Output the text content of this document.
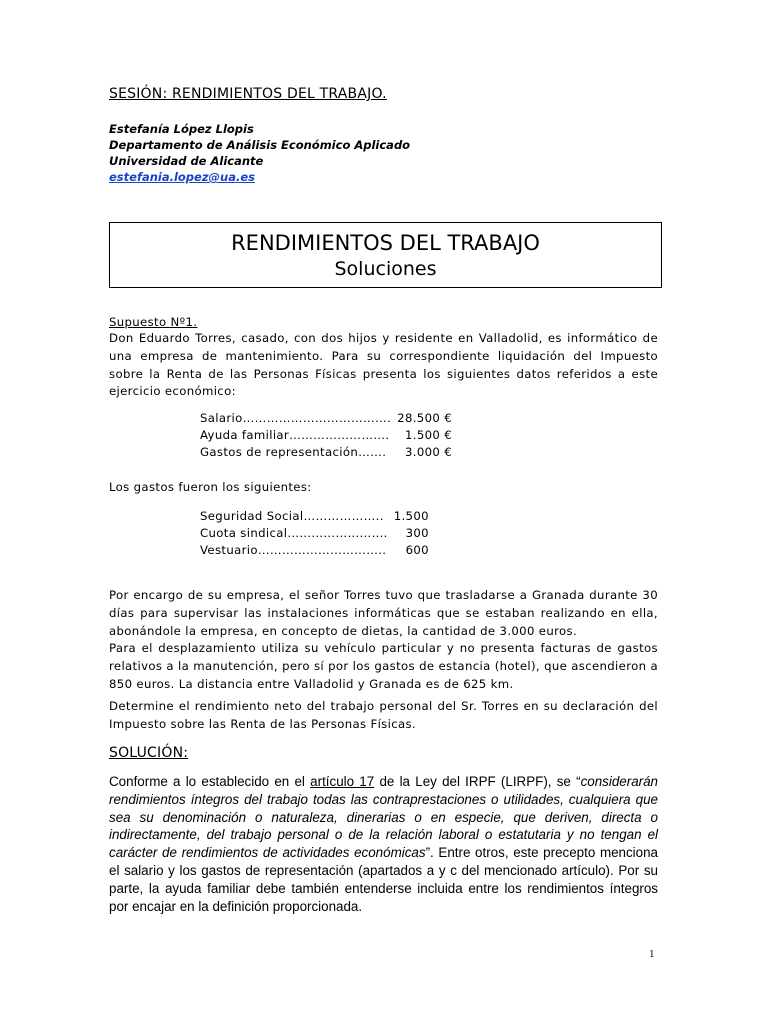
SESIÓN: RENDIMIENTOS DEL TRABAJO.
Estefanía López Llopis
Departamento de Análisis Económico Aplicado
Universidad de Alicante
estefania.lopez@ua.es
RENDIMIENTOS DEL TRABAJO
Soluciones
Supuesto Nº1.
Don Eduardo Torres, casado, con dos hijos y residente en Valladolid, es informático de una empresa de mantenimiento. Para su correspondiente liquidación del Impuesto sobre la Renta de las Personas Físicas presenta los siguientes datos referidos a este ejercicio económico:
Salario……………………………….	28.500 €
Ayuda familiar…………………….	1.500 €
Gastos de representación…….	3.000 €
Los gastos fueron los siguientes:
Seguridad Social………………..	1.500
Cuota sindical…………………….	300
Vestuario…………………………..	600
Por encargo de su empresa, el señor Torres tuvo que trasladarse a Granada durante 30 días para supervisar las instalaciones informáticas que se estaban realizando en ella, abonándole la empresa, en concepto de dietas, la cantidad de 3.000 euros.
Para el desplazamiento utiliza su vehículo particular y no presenta facturas de gastos relativos a la manutención, pero sí por los gastos de estancia (hotel), que ascendieron a 850 euros. La distancia entre Valladolid y Granada es de 625 km.
Determine el rendimiento neto del trabajo personal del Sr. Torres en su declaración del Impuesto sobre las Renta de las Personas Físicas.
SOLUCIÓN:
Conforme a lo establecido en el artículo 17 de la Ley del IRPF (LIRPF), se “considerarán rendimientos íntegros del trabajo todas las contraprestaciones o utilidades, cualquiera que sea su denominación o naturaleza, dinerarias o en especie, que deriven, directa o indirectamente, del trabajo personal o de la relación laboral o estatutaria y no tengan el carácter de rendimientos de actividades económicas”. Entre otros, este precepto menciona el salario y los gastos de representación (apartados a y c del mencionado artículo). Por su parte, la ayuda familiar debe también entenderse incluida entre los rendimientos íntegros por encajar en la definición proporcionada.
1
